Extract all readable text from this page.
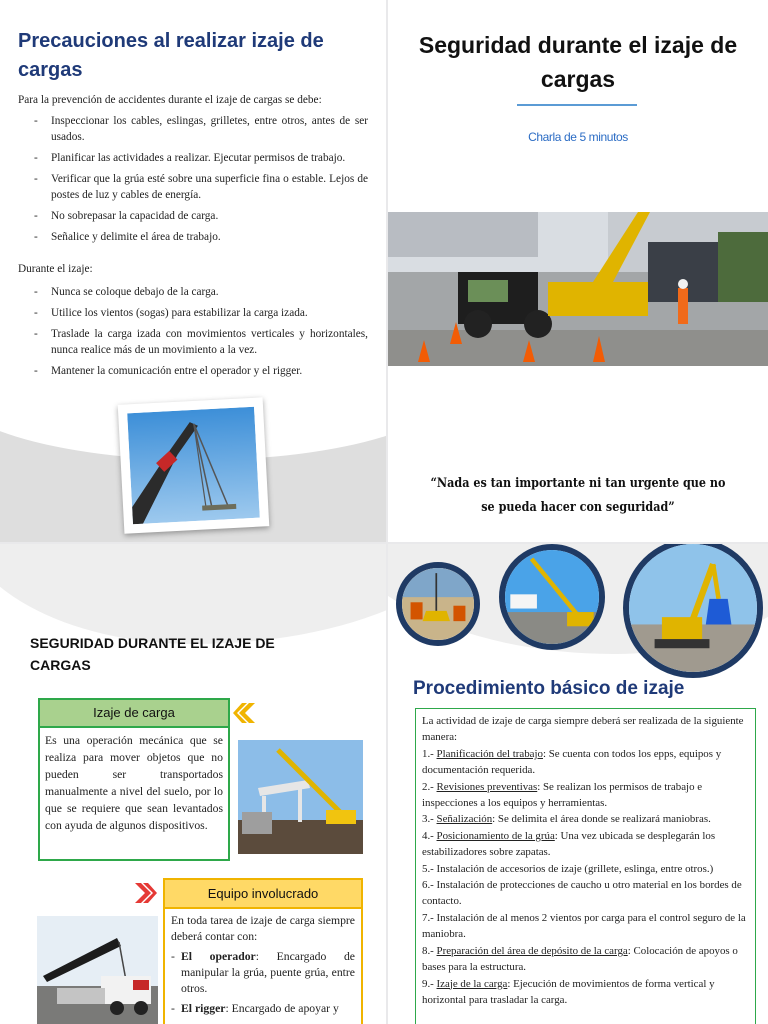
Precauciones al realizar izaje de cargas

Para la prevención de accidentes durante el izaje de cargas se debe:

- Inspeccionar los cables, eslingas, grilletes, entre otros, antes de ser usados.
- Planificar las actividades a realizar. Ejecutar permisos de trabajo.
- Verificar que la grúa esté sobre una superficie fina o estable. Lejos de postes de luz y cables de energía.
- No sobrepasar la capacidad de carga.
- Señalice y delimite el área de trabajo.

Durante el izaje:

- Nunca se coloque debajo de la carga.
- Utilice los vientos (sogas) para estabilizar la carga izada.
- Traslade la carga izada con movimientos verticales y horizontales, nunca realice más de un movimiento a la vez.
- Mantener la comunicación entre el operador y el rigger.
Seguridad durante el izaje de cargas

Charla de 5 minutos

“Nada es tan importante ni tan urgente que no se pueda hacer con seguridad”

SEGURIDAD DURANTE EL IZAJE DE CARGAS
Izaje de carga
Es una operación mecánica que se realiza para mover objetos que no pueden ser transportados manualmente a nivel del suelo, por lo que se requiere que sean levantados con ayuda de algunos dispositivos.
Equipo involucrado
En toda tarea de izaje de carga siempre deberá contar con:
- El operador: Encargado de manipular la grúa, puente grúa, entre otros.
- El rigger: Encargado de apoyar y
Procedimiento básico de izaje

La actividad de izaje de carga siempre deberá ser realizada de la siguiente manera:

1.- Planificación del trabajo: Se cuenta con todos los epps, equipos y documentación requerida.

2.- Revisiones preventivas: Se realizan los permisos de trabajo e inspecciones a los equipos y herramientas.

3.- Señalización: Se delimita el área donde se realizará maniobras.

4.- Posicionamiento de la grúa: Una vez ubicada se desplegarán los estabilizadores sobre zapatas.

5.- Instalación de accesorios de izaje (grillete, eslinga, entre otros.)

6.- Instalación de protecciones de caucho u otro material en los bordes de contacto.

7.- Instalación de al menos 2 vientos por carga para el control seguro de la maniobra.

8.- Preparación del área de depósito de la carga: Colocación de apoyos o bases para la estructura.

9.- Izaje de la carga: Ejecución de movimientos de forma vertical y horizontal para trasladar la carga.
